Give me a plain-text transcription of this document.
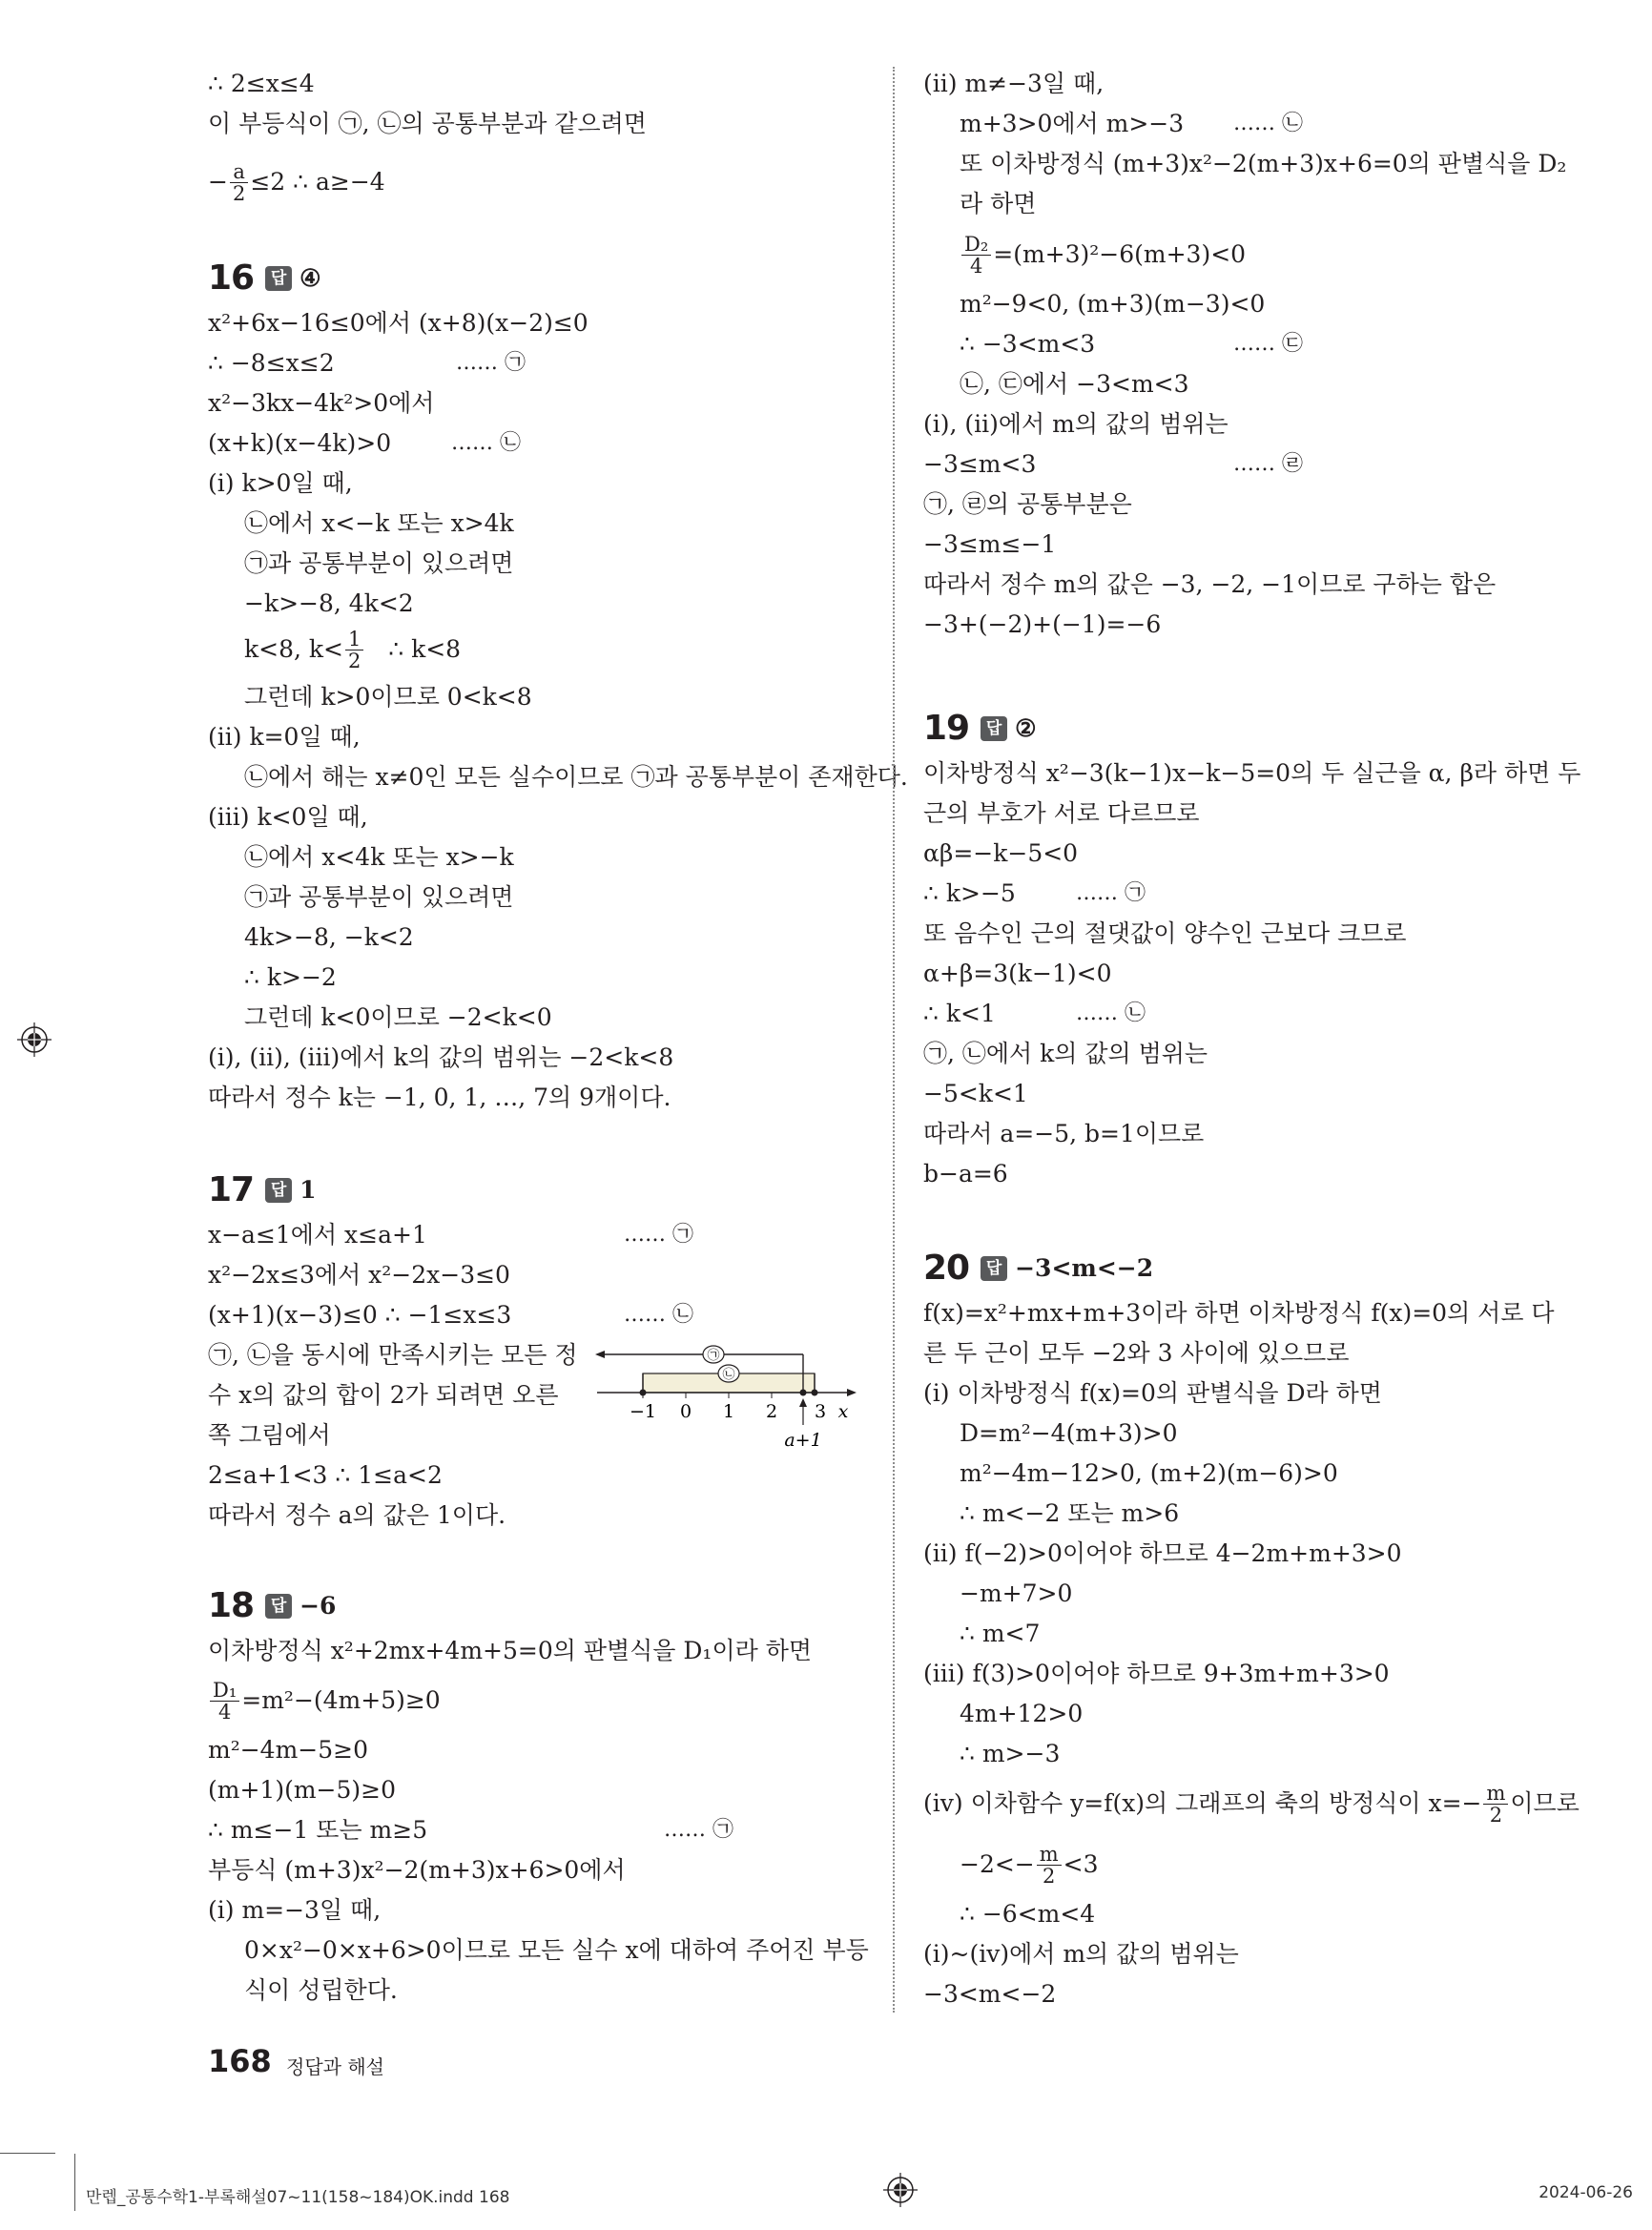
∴ 2≤x≤4
이 부등식이 ㉠, ㉡의 공통부분과 같으려면
− $\frac{a}{2} \le 2$ ∴ a≥−4
16	답 ④
x²+6x−16≤0에서 (x+8)(x−2)≤0
∴ −8≤x≤2	…… ㉠
x²−3kx−4k²>0에서
(x+k)(x−4k)>0	…… ㉡
(ⅰ) k>0일 때,
㉡에서 x<−k 또는 x>4k
㉠과 공통부분이 있으려면
−k>−8, 4k<2
k<8, $k< \frac{1}{2}$ ∴ k<8
그런데 k>0이므로 0<k<8
(ⅱ) k=0일 때,
㉡에서 해는 x≠0인 모든 실수이므로 ㉠과 공통부분이 존재한다.
(ⅲ) k<0일 때,
㉡에서 x<4k 또는 x>−k
㉠과 공통부분이 있으려면
4k>−8, −k<2
∴ k>−2
그런데 k<0이므로 −2<k<0
(ⅰ), (ⅱ), (ⅲ)에서 k의 값의 범위는 −2<k<8
따라서 정수 k는 −1, 0, 1, …, 7의 9개이다.
17	답 1
x−a≤1에서 x≤a+1	…… ㉠
x²−2x≤3에서 x²−2x−3≤0
(x+1)(x−3)≤0 ∴ −1≤x≤3	…… ㉡
㉠, ㉡을 동시에 만족시키는 모든 정
수 x의 값의 합이 2가 되려면 오른
쪽 그림에서
2≤a+1<3 ∴ 1≤a<2
따라서 정수 a의 값은 1이다.
㉠
㉡
−1 0 1 2 3 x
a+1
18	답 −6
이차방정식 x²+2mx+4m+5=0의 판별식을 D₁이라 하면
$\frac{\text{D₁}}{4} =m^2-(4m+5)\ge 0$
m²−4m−5≥0
(m+1)(m−5)≥0
∴ m≤−1 또는 m≥5	…… ㉠
부등식 (m+3)x²−2(m+3)x+6>0에서
(ⅰ) m=−3일 때,
0×x²−0×x+6>0이므로 모든 실수 x에 대하여 주어진 부등
식이 성립한다.
(ⅱ) m≠−3일 때,
m+3>0에서 m>−3 …… ㉡
또 이차방정식 (m+3)x²−2(m+3)x+6=0의 판별식을 D₂
라 하면
$\frac{\text{D₂}}{4} =(m+3)^2-6(m+3)<0$
m²−9<0, (m+3)(m−3)<0
∴ −3<m<3	…… ㉢
㉡, ㉢에서 −3<m<3
(ⅰ), (ⅱ)에서 m의 값의 범위는
−3≤m<3	…… ㉣
㉠, ㉣의 공통부분은
−3≤m≤−1
따라서 정수 m의 값은 −3, −2, −1이므로 구하는 합은
−3+(−2)+(−1)=−6
19	답 ②
이차방정식 x²−3(k−1)x−k−5=0의 두 실근을 α, β라 하면 두
근의 부호가 서로 다르므로
αβ=−k−5<0
∴ k>−5	…… ㉠
또 음수인 근의 절댓값이 양수인 근보다 크므로
α+β=3(k−1)<0
∴ k<1	…… ㉡
㉠, ㉡에서 k의 값의 범위는
−5<k<1
따라서 a=−5, b=1이므로
b−a=6
20	답 −3<m<−2
f(x)=x²+mx+m+3이라 하면 이차방정식 f(x)=0의 서로 다
른 두 근이 모두 −2와 3 사이에 있으므로
(ⅰ) 이차방정식 f(x)=0의 판별식을 D라 하면
D=m²−4(m+3)>0
m²−4m−12>0, (m+2)(m−6)>0
∴ m<−2 또는 m>6
(ⅱ) f(−2)>0이어야 하므로 4−2m+m+3>0
−m+7>0
∴ m<7
(ⅲ) f(3)>0이어야 하므로 9+3m+m+3>0
4m+12>0
∴ m>−3
(ⅳ) 이차함수 y=f(x)의 그래프의 축의 방정식이 $x=- \frac{m}{2}$ 이므로
$-2<- \frac{m}{2} <3$
∴ −6<m<4
(ⅰ)~(ⅳ)에서 m의 값의 범위는
−3<m<−2
168 정답과 해설
만렙_공통수학1-부록해설07~11(158~184)OK.indd 168	2024-06-26
